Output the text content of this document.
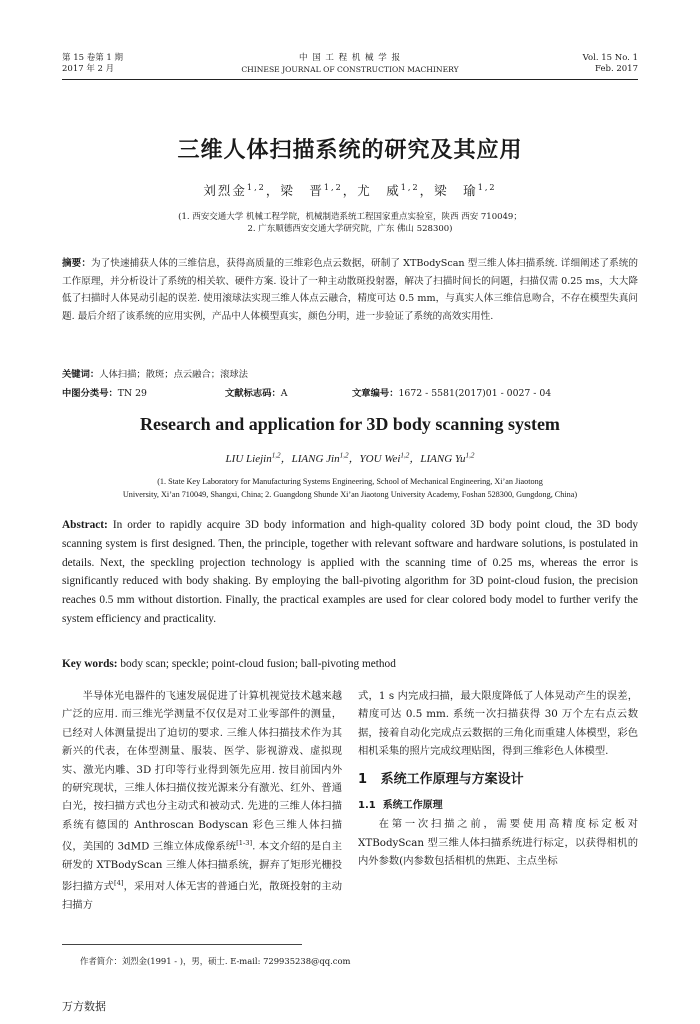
第 15 卷第 1 期
2017 年 2 月
中 国 工 程 机 械 学 报
CHINESE JOURNAL OF CONSTRUCTION MACHINERY
Vol. 15 No. 1
Feb. 2017
三维人体扫描系统的研究及其应用
刘烈金$^{1,2}$，梁　晋$^{1,2}$，尤　威$^{1,2}$，梁　瑜$^{1,2}$
(1. 西安交通大学 机械工程学院，机械制造系统工程国家重点实验室，陕西 西安 710049；
2. 广东顺德西安交通大学研究院，广东 佛山 528300)
摘要：为了快速捕获人体的三维信息，获得高质量的三维彩色点云数据，研制了 XTBodyScan 型三维人体扫描系统. 详细阐述了系统的工作原理，并分析设计了系统的相关软、硬件方案. 设计了一种主动散斑投射器，解决了扫描时间长的问题，扫描仅需 0.25 ms，大大降低了扫描时人体晃动引起的误差. 使用滚球法实现三维人体点云融合，精度可达 0.5 mm，与真实人体三维信息吻合，不存在模型失真问题. 最后介绍了该系统的应用实例，产品中人体模型真实，颜色分明，进一步验证了系统的高效实用性.
关键词：人体扫描；散斑；点云融合；滚球法
中图分类号：TN 29	文献标志码：A	文章编号：1672 - 5581(2017)01 - 0027 - 04
Research and application for 3D body scanning system
LIU Liejin$^{1,2}$，LIANG Jin$^{1,2}$，YOU Wei$^{1,2}$，LIANG Yu$^{1,2}$
(1. State Key Laboratory for Manufacturing Systems Engineering, School of Mechanical Engineering, Xi’an Jiaotong
University, Xi’an 710049, Shangxi, China; 2. Guangdong Shunde Xi’an Jiaotong University Academy, Foshan 528300, Gungdong, China)
Abstract: In order to rapidly acquire 3D body information and high-quality colored 3D body point cloud, the 3D body scanning system is first designed. Then, the principle, together with relevant software and hardware solutions, is postulated in details. Next, the speckling projection technology is applied with the scanning time of 0.25 ms, whereas the error is significantly reduced with body shaking. By employing the ball-pivoting algorithm for 3D point-cloud fusion, the precision reaches 0.5 mm without distortion. Finally, the practical examples are used for clear colored body model to further verify the system efficiency and practicality.
Key words: body scan; speckle; point-cloud fusion; ball-pivoting method

半导体光电器件的飞速发展促进了计算机视觉技术越来越广泛的应用. 而三维光学测量不仅仅是对工业零部件的测量，已经对人体测量提出了迫切的要求. 三维人体扫描技术作为其新兴的代表，在体型测量、服装、医学、影视游戏、虚拟现实、激光内雕、3D 打印等行业得到领先应用. 按目前国内外的研究现状，三维人体扫描仪按光源来分有激光、红外、普通白光，按扫描方式也分主动式和被动式. 先进的三维人体扫描系统有德国的 Anthroscan Bodyscan 彩色三维人体扫描仪，美国的 3dMD 三维立体成像系统[1-3]. 本文介绍的是自主研发的 XTBodyScan 三维人体扫描系统，摒弃了矩形光栅投影扫描方式[4]，采用对人体无害的普通白光，散斑投射的主动扫描方

式，1 s 内完成扫描，最大限度降低了人体晃动产生的误差，精度可达 0.5 mm. 系统一次扫描获得 30 万个左右点云数据，接着自动化完成点云数据的三角化而重建人体模型，彩色相机采集的照片完成纹理贴图，得到三维彩色人体模型.

1 系统工作原理与方案设计
1.1 系统工作原理

在第一次扫描之前，需要使用高精度标定板对 XTBodyScan 型三维人体扫描系统进行标定，以获得相机的内外参数(内参数包括相机的焦距、主点坐标

作者简介：刘烈金(1991 - )，男，硕士. E-mail: 729935238@qq.com
万方数据
